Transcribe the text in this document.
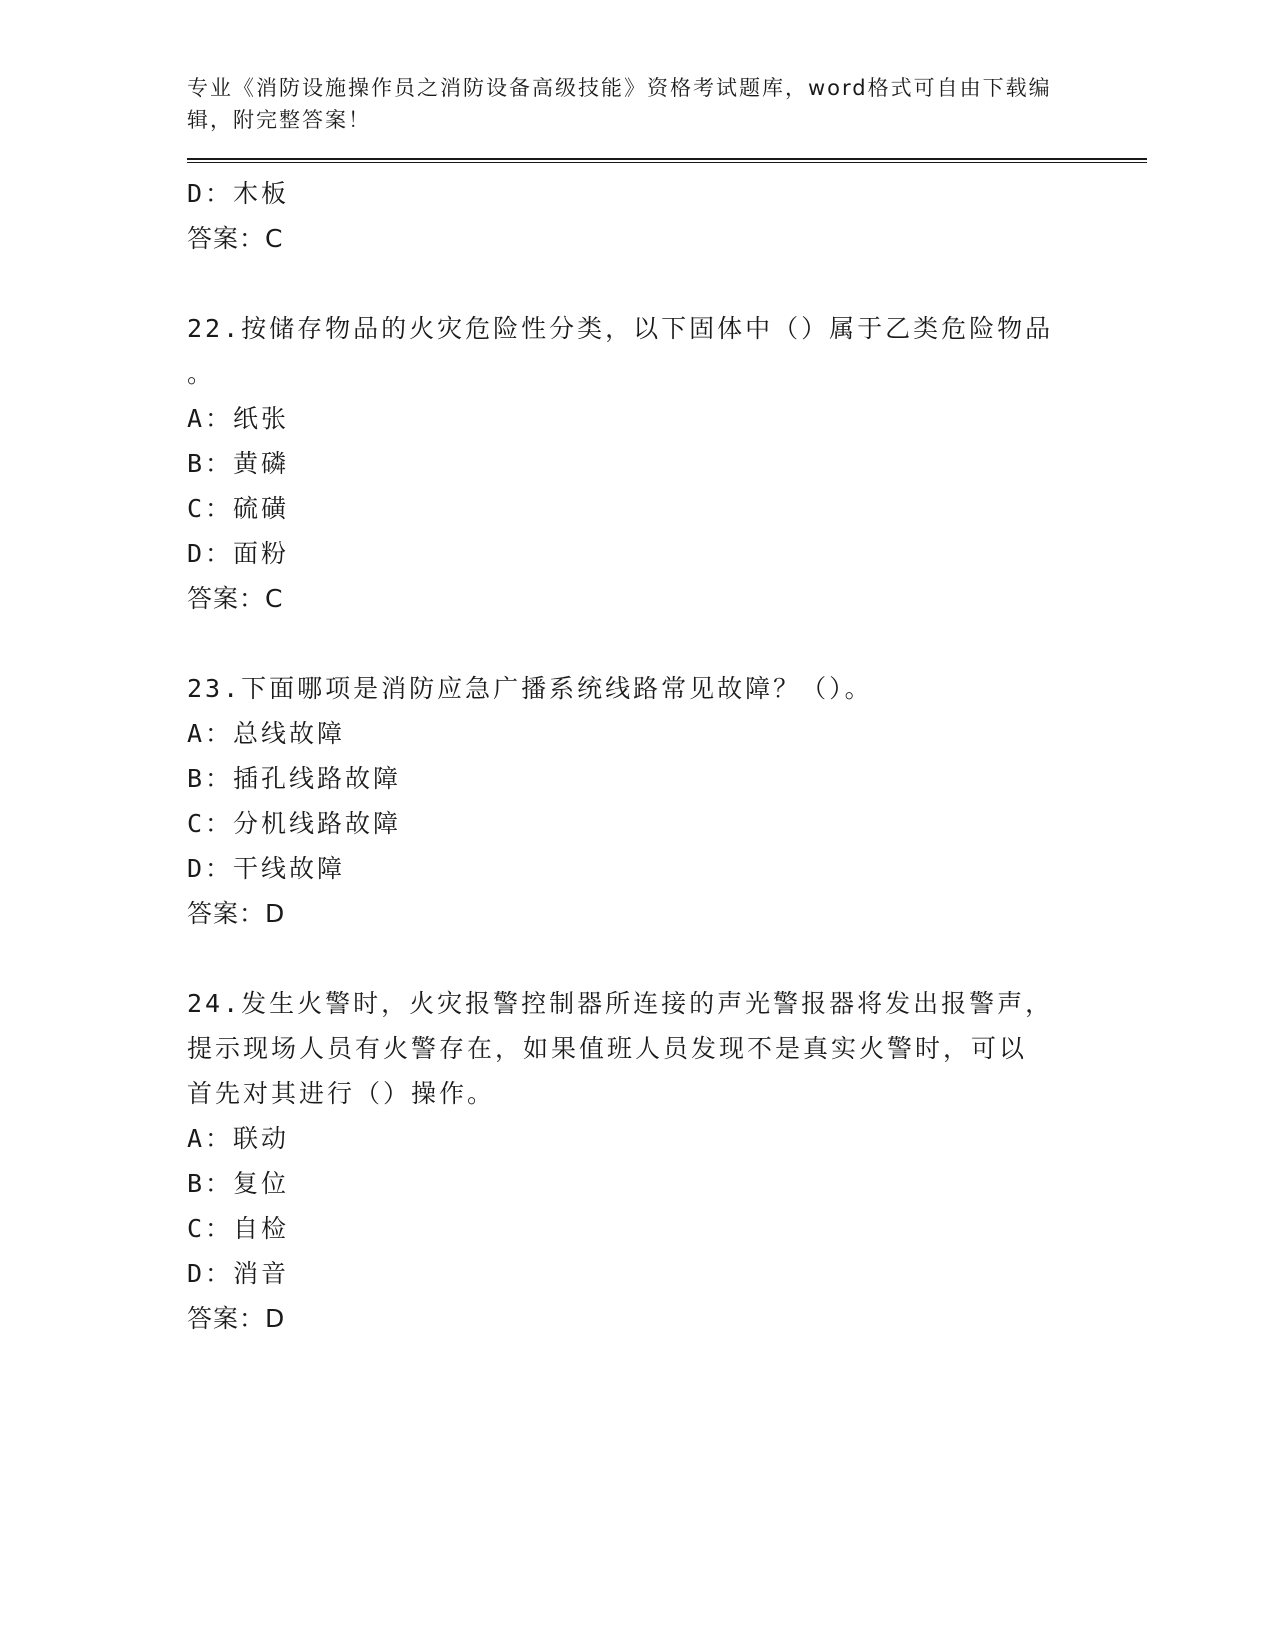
专业《消防设施操作员之消防设备高级技能》资格考试题库，word格式可自由下载编辑，附完整答案！
D：木板
答案：C
22.按储存物品的火灾危险性分类，以下固体中（）属于乙类危险物品
。
A：纸张
B：黄磷
C：硫磺
D：面粉
答案：C
23.下面哪项是消防应急广播系统线路常见故障？（）。
A：总线故障
B：插孔线路故障
C：分机线路故障
D：干线故障
答案：D
24.发生火警时，火灾报警控制器所连接的声光警报器将发出报警声，
提示现场人员有火警存在，如果值班人员发现不是真实火警时，可以
首先对其进行（）操作。
A：联动
B：复位
C：自检
D：消音
答案：D
